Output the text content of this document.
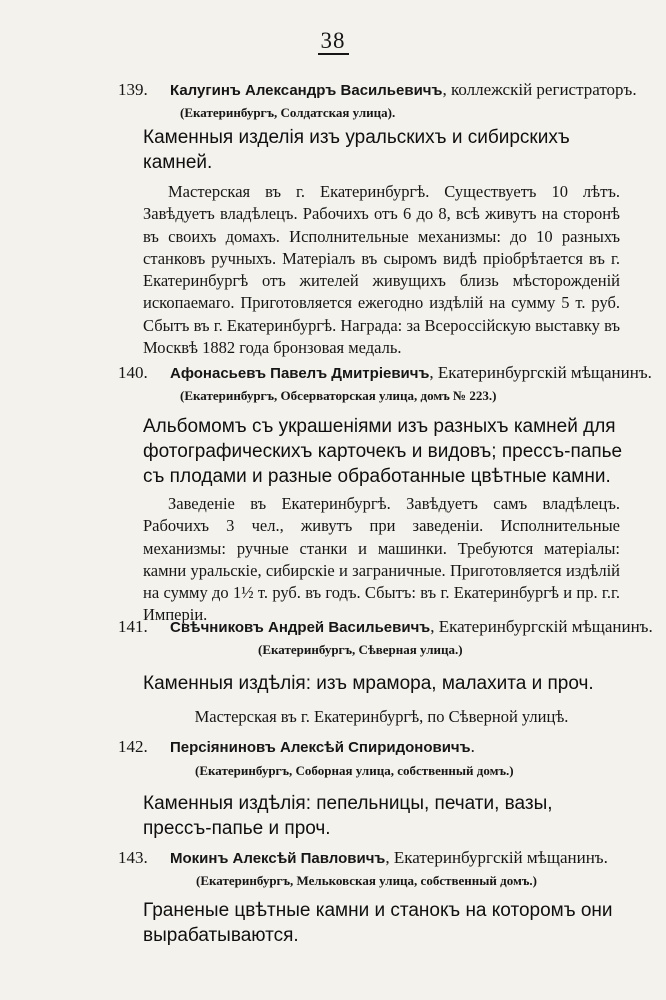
38
139.	Калугинъ Александръ Васильевичъ, коллежскій регистраторъ.
(Екатеринбургъ, Солдатская улица).
Каменныя изделія изъ уральскихъ и сибирскихъ камней.
Мастерская въ г. Екатеринбургѣ. Существуетъ 10 лѣтъ. Завѣдуетъ владѣлецъ. Рабочихъ отъ 6 до 8, всѣ живутъ на сторонѣ въ своихъ домахъ. Исполнительные механизмы: до 10 разныхъ станковъ ручныхъ. Матеріалъ въ сыромъ видѣ пріобрѣтается въ г. Екатеринбургѣ отъ жителей живущихъ близь мѣсторожденій ископаемаго. Приготовляется ежегодно издѣлій на сумму 5 т. руб. Сбытъ въ г. Екатеринбургѣ. Награда: за Всероссійскую выставку въ Москвѣ 1882 года бронзовая медаль.
140.	Афонасьевъ Павелъ Дмитріевичъ, Екатеринбургскій мѣщанинъ.
(Екатеринбургъ, Обсерваторская улица, домъ № 223.)
Альбомомъ съ украшеніями изъ разныхъ камней для фотографическихъ карточекъ и видовъ; прессъ-папье съ плодами и разные обработанные цвѣтные камни.
Заведеніе въ Екатеринбургѣ. Завѣдуетъ самъ владѣлецъ. Рабочихъ 3 чел., живутъ при заведеніи. Исполнительные механизмы: ручные станки и машинки. Требуются матеріалы: камни уральскіе, сибирскіе и заграничные. Приготовляется издѣлій на сумму до 1½ т. руб. въ годъ. Сбытъ: въ г. Екатеринбургѣ и пр. г.г. Имперіи.
141.	Свѣчниковъ Андрей Васильевичъ, Екатеринбургскій мѣщанинъ.
(Екатеринбургъ, Сѣверная улица.)
Каменныя издѣлія: изъ мрамора, малахита и проч.
Мастерская въ г. Екатеринбургѣ, по Сѣверной улицѣ.
142.	Персіяниновъ Алексѣй Спиридоновичъ.
(Екатеринбургъ, Соборная улица, собственный домъ.)
Каменныя издѣлія: пепельницы, печати, вазы, прессъ-папье и проч.
143.	Мокинъ Алексѣй Павловичъ, Екатеринбургскій мѣщанинъ.
(Екатеринбургъ, Мельковская улица, собственный домъ.)
Граненые цвѣтные камни и станокъ на которомъ они вырабатываются.
